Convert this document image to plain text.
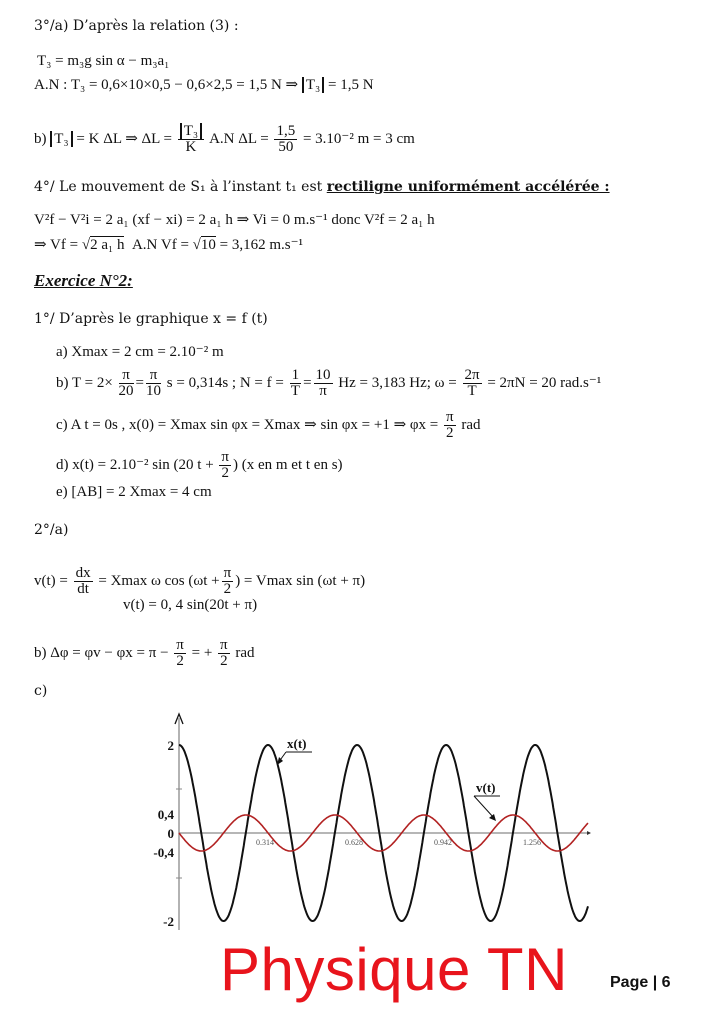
3°/a) D’après la relation (3) :
T₃ = m₃g sin α − m₃a₁
A.N : T₃ = 0,6×10×0,5 − 0,6×2,5 = 1,5 N ⇒ T₃ = 1,5 N
b) T₃ = K ΔL ⇒ $\Delta L = \frac{\text{T₃}}{K} A.N$ $\Delta L = \frac{1,5}{50} = 3.10^{-2}$ m = 3 cm
4°/ Le mouvement de S₁ à l’instant t₁ est rectiligne uniformément accélérée :
V²f − V²i = 2 a₁ (xf − xi) = 2 a₁ h ⇒ Vi = 0 m.s⁻¹ donc V²f = 2 a₁ h
⇒ Vf = √2 a₁ h A.N Vf = √10 = 3,162 m.s⁻¹
Exercice N°2:
1°/ D’après le graphique x = f (t)
a) Xmax = 2 cm = 2.10⁻² m
b) $T = 2\times \frac{\pi}{20} = \frac{\pi}{10}$ s = 0,314s ; $N = f = \frac{1}{T} = \frac{10}{\pi}$ Hz = 3,183 Hz; $\omega = \frac{2\pi}{T} = 2\pi N = 20$ rad.s⁻¹
c) A t = 0s , x(0) = Xmax sin φx = Xmax ⇒ sin φx = +1 ⇒ $\varphi x = \frac{\pi}{2}$ rad
d) x(t) = 2.10⁻² sin (20 $t + \frac{\pi}{2}$ ) (x en m et t en s)
e) [AB] = 2 Xmax = 4 cm
2°/a)
$v(t) = \frac{dx}{dt} = Xmax$ ω $\cos (\omega t + \frac{\pi}{2}$ ) = Vmax sin (ωt + π)
v(t) = 0, 4 sin(20t + π)
b) $\Delta\varphi = \varphi v - \varphi x = \pi - \frac{\pi}{2}$ = + $\frac{\pi}{2}$ rad
c)
2
0,4
0
-0,4
-2
0.314	0.628	0.942	1.256
x(t)
v(t)
Physique TN	Page | 6
